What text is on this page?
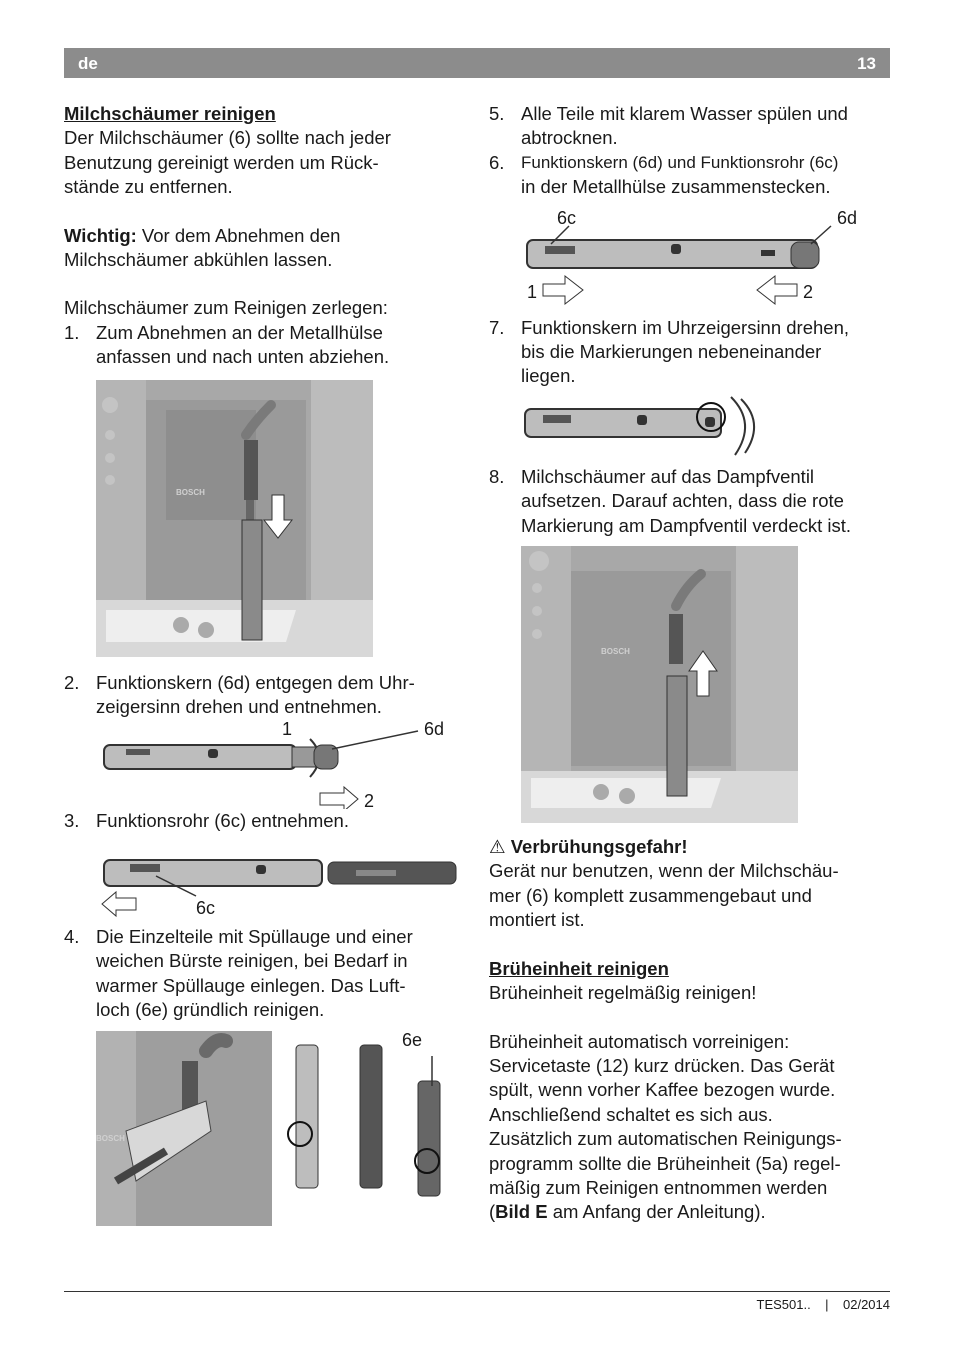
de	13

Milchschäumer reinigen

Der Milchschäumer (6) sollte nach jeder

Benutzung gereinigt werden um Rück-

stände zu entfernen.

Wichtig: Vor dem Abnehmen den

Milchschäumer abkühlen lassen.

Milchschäumer zum Reinigen zerlegen:

1. Zum Abnehmen an der Metallhülse

anfassen und nach unten abziehen.

BOSCH
2. Funktionskern (6d) entgegen dem Uhr-

zeigersinn drehen und entnehmen.

1
2
6d
3. Funktionsrohr (6c) entnehmen.

6c
4. Die Einzelteile mit Spüllauge und einer

weichen Bürste reinigen, bei Bedarf in

warmer Spüllauge einlegen. Das Luft-

loch (6e) gründlich reinigen.

BOSCH
6e
5. Alle Teile mit klarem Wasser spülen und

abtrocknen.

6. Funktionskern (6d) und Funktionsrohr (6c)

in der Metallhülse zusammenstecken.

6c	6d
1	2
7. Funktionskern im Uhrzeigersinn drehen,

bis die Markierungen nebeneinander

liegen.

8. Milchschäumer auf das Dampfventil

aufsetzen. Darauf achten, dass die rote

Markierung am Dampfventil verdeckt ist.

BOSCH

⚠ Verbrühungsgefahr!

Gerät nur benutzen, wenn der Milchschäu-

mer (6) komplett zusammengebaut und

montiert ist.

Brüheinheit reinigen

Brüheinheit regelmäßig reinigen!

Brüheinheit automatisch vorreinigen:

Servicetaste (12) kurz drücken. Das Gerät

spült, wenn vorher Kaffee bezogen wurde.

Anschließend schaltet es sich aus.

Zusätzlich zum automatischen Reinigungs-

programm sollte die Brüheinheit (5a) regel-

mäßig zum Reinigen entnommen werden

(Bild E am Anfang der Anleitung).

TES501.. | 02/2014
